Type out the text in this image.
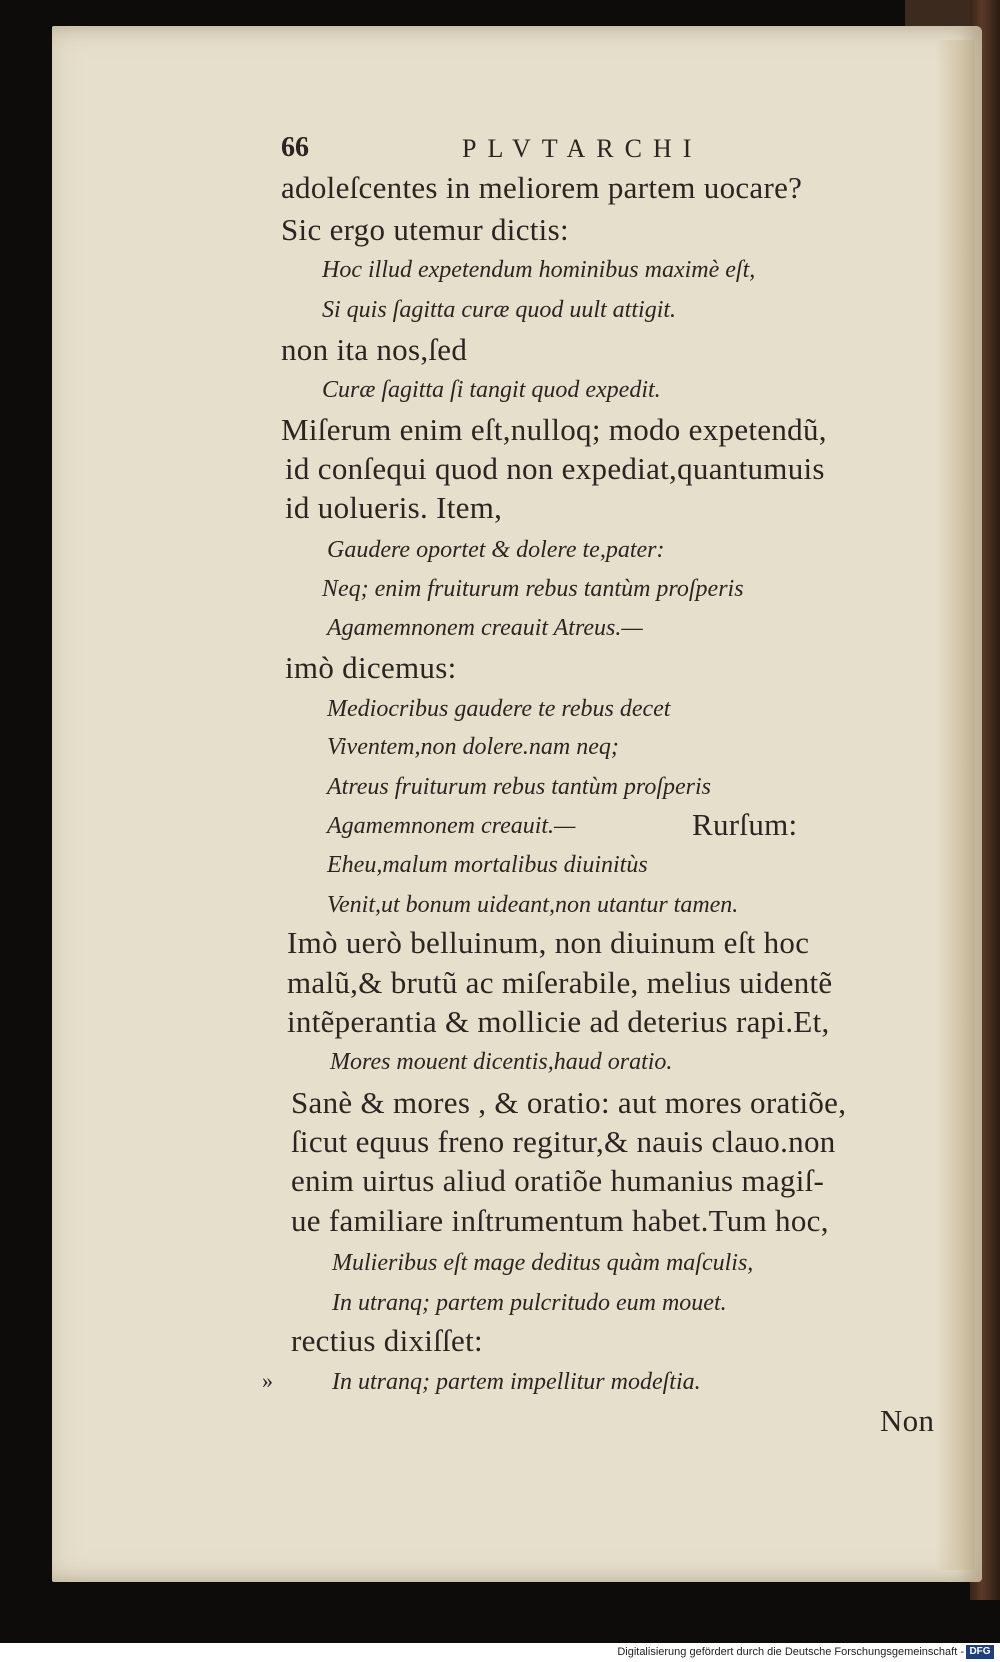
66	PLVTARCHI
adoleſcentes in meliorem partem uocare?
Sic ergo utemur dictis:
Hoc illud expetendum hominibus maximè eſt,
Si quis ſagitta curæ quod uult attigit.
non ita nos,ſed
Curæ ſagitta ſi tangit quod expedit.
Miſerum enim eſt,nulloq; modo expetendũ,
id conſequi quod non expediat,quantumuis
id uolueris. Item,
Gaudere oportet & dolere te,pater:
Neq; enim fruiturum rebus tantùm proſperis
Agamemnonem creauit Atreus.—
imò dicemus:
Mediocribus gaudere te rebus decet
Viventem,non dolere.nam neq;
Atreus fruiturum rebus tantùm proſperis
Agamemnonem creauit.—	Rurſum:
Eheu,malum mortalibus diuinitùs
Venit,ut bonum uideant,non utantur tamen.
Imò uerò belluinum, non diuinum eſt hoc
malũ,& brutũ ac miſerabile, melius uidentẽ
intẽperantia & mollicie ad deterius rapi.Et,
Mores mouent dicentis,haud oratio.
Sanè & mores , & oratio: aut mores oratiõe,
ſicut equus freno regitur,& nauis clauo.non
enim uirtus aliud oratiõe humanius magiſ-
ue familiare inſtrumentum habet.Tum hoc,
Mulieribus eſt mage deditus quàm maſculis,
In utranq; partem pulcritudo eum mouet.
rectius dixiſſet:
» In utranq; partem impellitur modeſtia.
Non
Digitalisierung gefördert durch die Deutsche Forschungsgemeinschaft - DFG
